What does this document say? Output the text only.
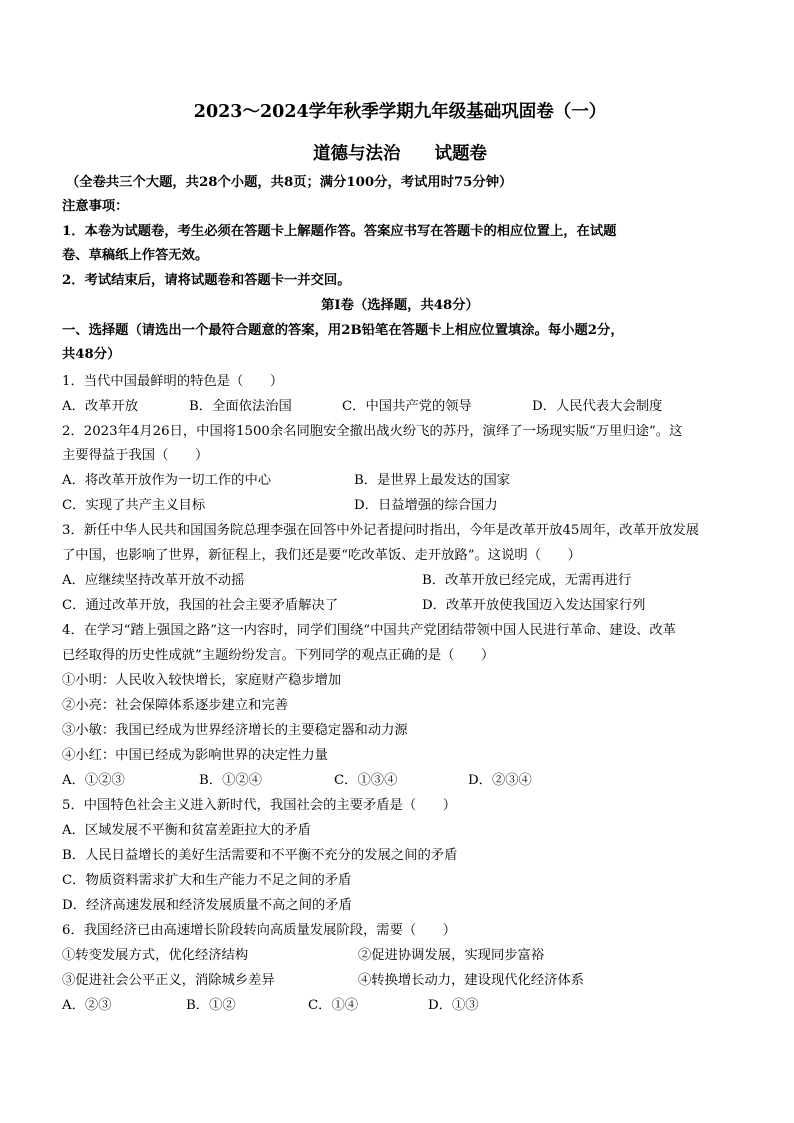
2023～2024学年秋季学期九年级基础巩固卷（一）
道德与法治 试题卷
（全卷共三个大题，共28个小题，共8页；满分100分，考试用时75分钟）
注意事项：
1．本卷为试题卷，考生必须在答题卡上解题作答。答案应书写在答题卡的相应位置上，在试题
卷、草稿纸上作答无效。
2．考试结束后，请将试题卷和答题卡一并交回。
第Ⅰ卷（选择题，共48分）
一、选择题（请选出一个最符合题意的答案，用2B铅笔在答题卡上相应位置填涂。每小题2分，
共48分）
1．当代中国最鲜明的特色是（　　）
A．改革开放	B．全面依法治国	C．中国共产党的领导	D．人民代表大会制度
2．2023年4月26日，中国将1500余名同胞安全撤出战火纷飞的苏丹，演绎了一场现实版“万里归途”。这
主要得益于我国（　　）
A．将改革开放作为一切工作的中心	B．是世界上最发达的国家
C．实现了共产主义目标	D．日益增强的综合国力
3．新任中华人民共和国国务院总理李强在回答中外记者提问时指出，今年是改革开放45周年，改革开放发展
了中国，也影响了世界，新征程上，我们还是要“吃改革饭、走开放路”。这说明（　　）
A．应继续坚持改革开放不动摇	B．改革开放已经完成，无需再进行
C．通过改革开放，我国的社会主要矛盾解决了	D．改革开放使我国迈入发达国家行列
4．在学习“踏上强国之路”这一内容时，同学们围绕“中国共产党团结带领中国人民进行革命、建设、改革
已经取得的历史性成就”主题纷纷发言。下列同学的观点正确的是（　　）
①小明：人民收入较快增长，家庭财产稳步增加
②小亮：社会保障体系逐步建立和完善
③小敏：我国已经成为世界经济增长的主要稳定器和动力源
④小红：中国已经成为影响世界的决定性力量
A．①②③	B．①②④	C．①③④	D．②③④
5．中国特色社会主义进入新时代，我国社会的主要矛盾是（　　）
A．区域发展不平衡和贫富差距拉大的矛盾
B．人民日益增长的美好生活需要和不平衡不充分的发展之间的矛盾
C．物质资料需求扩大和生产能力不足之间的矛盾
D．经济高速发展和经济发展质量不高之间的矛盾
6．我国经济已由高速增长阶段转向高质量发展阶段，需要（　　）
①转变发展方式，优化经济结构	②促进协调发展，实现同步富裕
③促进社会公平正义，消除城乡差异	④转换增长动力，建设现代化经济体系
A．②③	B．①②	C．①④	D．①③
